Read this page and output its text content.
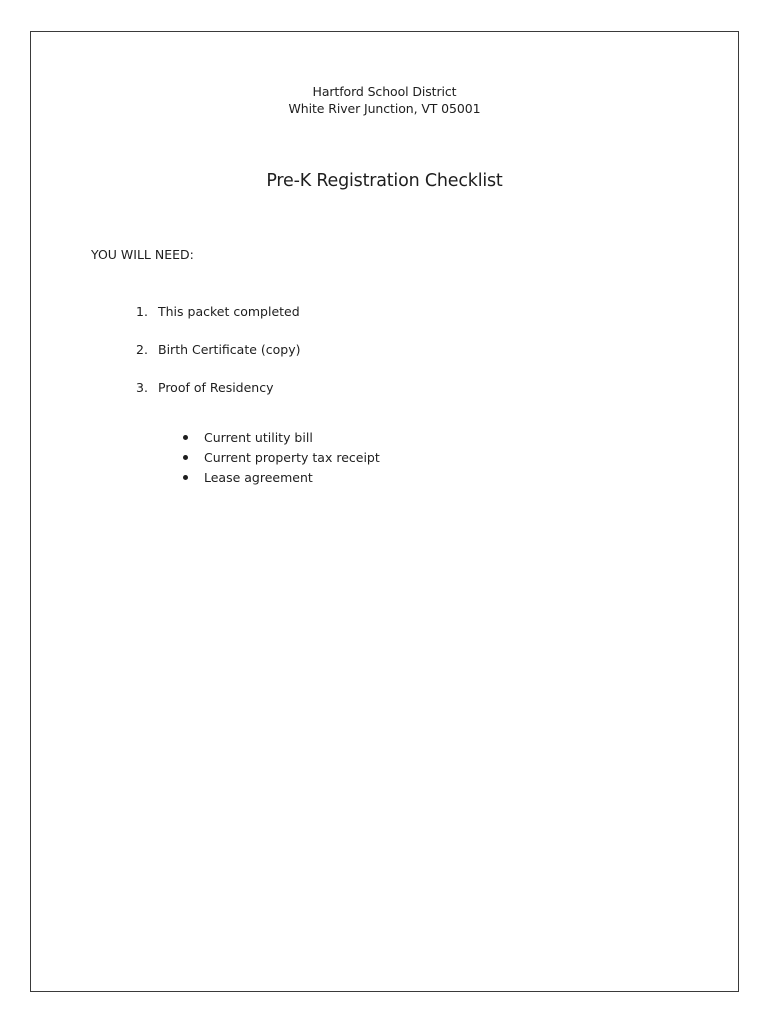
Hartford School District
White River Junction, VT 05001
Pre-K Registration Checklist
YOU WILL NEED:
1. This packet completed
2. Birth Certificate (copy)
3. Proof of Residency
Current utility bill
Current property tax receipt
Lease agreement
